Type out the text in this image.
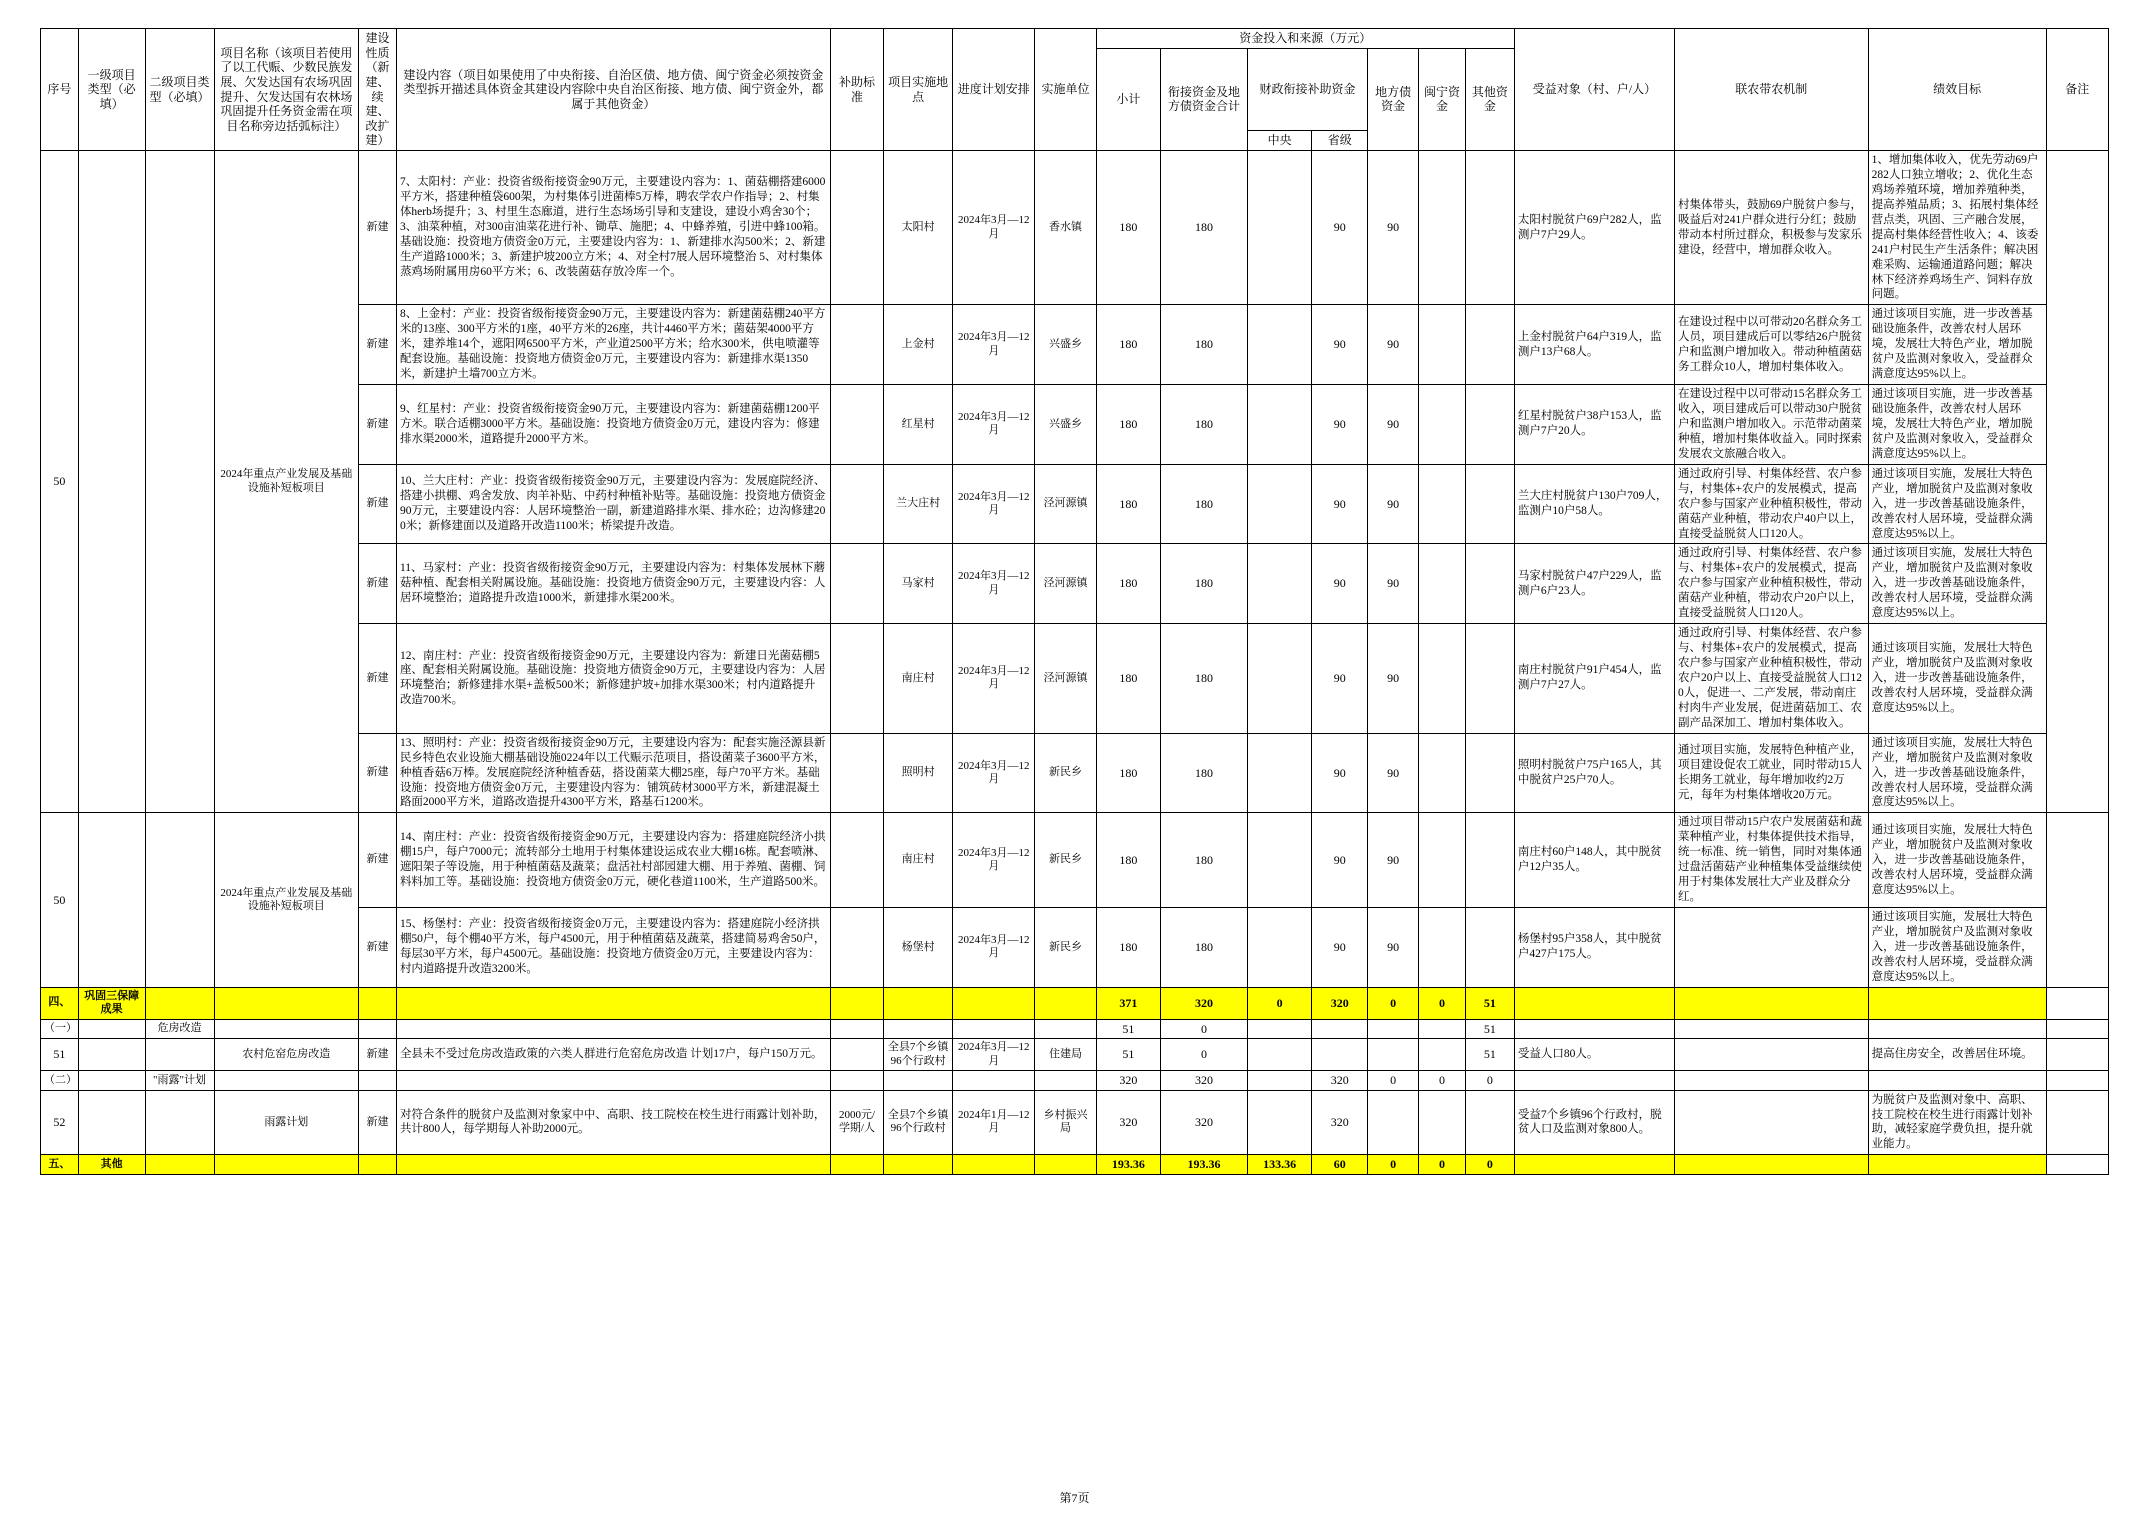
序号	一级项目类型（必填）	二级项目类型（必填）	项目名称（该项目若使用了以工代赈、少数民族发展、欠发达国有农场巩固提升、欠发达国有农林场巩固提升任务资金需在项目名称旁边括弧标注）	建设性质（新建、续建、改扩建）	建设内容（项目如果使用了中央衔接、自治区债、地方债、闽宁资金必须按资金类型拆开描述具体资金其建设内容除中央自治区衔接、地方债、闽宁资金外，都属于其他资金）	补助标准	项目实施地点	进度计划安排	实施单位	资金投入和来源（万元）							受益对象（村、户/人）	联农带农机制	绩效目标	备注
										小计	衔接资金及地方债资金合计	财政衔接补助资金		地方债资金	闽宁资金	其他资金				
												中央	省级							
50			2024年重点产业发展及基础设施补短板项目	新建	7、太阳村：产业：投资省级衔接资金90万元，主要建设内容为：1、菌菇棚搭建6000平方米，搭建种植袋600架，为村集体引进菌棒5万棒，聘农学农户作指导；2、村集体herb场提升；3、村里生态廊道，进行生态场场引导和支建设，建设小鸡舍30个；3、油菜种植，对300亩油菜花进行补、锄草、施肥；4、中蜂养殖，引进中蜂100箱。基础设施：投资地方债资金0万元，主要建设内容为：1、新建排水沟500米；2、新建生产道路1000米；3、新建护坡200立方米；4、对全村7展人居环境整治 5、对村集体蒸鸡场附属用房60平方米；6、改装菌菇存放冷库一个。		太阳村	2024年3月—12月	香水镇	180	180		90	90			太阳村脱贫户69户282人，监测户7户29人。	村集体带头，鼓励69户脱贫户参与，吸益后对241户群众进行分红；鼓励带动本村所过群众，积极参与发家乐建设，经营中，增加群众收入。	1、增加集体收入，优先劳动69户282人口独立增收；2、优化生态鸡场养殖环境，增加养殖种类，提高养殖品质；3、拓展村集体经营点类，巩固、三产融合发展，提高村集体经营性收入；4、该委241户村民生产生活条件；解决困难采购、运输通道路问题；解决林下经济养鸡场生产、饲料存放问题。	
				新建	8、上金村：产业：投资省级衔接资金90万元，主要建设内容为：新建菌菇棚240平方米的13座、300平方米的1座，40平方米的26座，共计4460平方米；菌菇架4000平方米，建养堆14个，遮阳网6500平方米，产业道2500平方米；给水300米，供电喷灌等配套设施。基础设施：投资地方债资金0万元，主要建设内容为：新建排水渠1350米，新建护土墙700立方米。		上金村	2024年3月—12月	兴盛乡	180	180		90	90			上金村脱贫户64户319人，监测户13户68人。	在建设过程中以可带动20名群众务工人员，项目建成后可以零结26户脱贫户和监测户增加收入。带动种植菌菇务工群众10人，增加村集体收入。	通过该项目实施，进一步改善基础设施条件，改善农村人居环境，发展壮大特色产业，增加脱贫户及监测对象收入，受益群众满意度达95%以上。	
				新建	9、红星村：产业：投资省级衔接资金90万元，主要建设内容为：新建菌菇棚1200平方米。联合适棚3000平方米。基础设施：投资地方债资金0万元，建设内容为：修建排水渠2000米，道路提升2000平方米。		红星村	2024年3月—12月	兴盛乡	180	180		90	90			红星村脱贫户38户153人，监测户7户20人。	在建设过程中以可带动15名群众务工收入，项目建成后可以带动30户脱贫户和监测户增加收入。示范带动菌菜种植，增加村集体收益入。同时探索发展农文旅融合收入。	通过该项目实施，进一步改善基础设施条件，改善农村人居环境，发展壮大特色产业，增加脱贫户及监测对象收入，受益群众满意度达95%以上。	
				新建	10、兰大庄村：产业：投资省级衔接资金90万元，主要建设内容为：发展庭院经济、搭建小拱棚、鸡舍发放、肉羊补贴、中药村种植补贴等。基础设施：投资地方债资金90万元，主要建设内容：人居环境整治一副，新建道路排水渠、排水砼；边沟修建200米；新修建面以及道路开改造1100米；桥梁提升改造。		兰大庄村	2024年3月—12月	泾河源镇	180	180		90	90			兰大庄村脱贫户130户709人，监测户10户58人。	通过政府引导、村集体经营、农户参与，村集体+农户的发展模式，提高农户参与国家产业种植积极性，带动菌菇产业种植，带动农户40户以上，直接受益脱贫人口120人。	通过该项目实施，发展壮大特色产业，增加脱贫户及监测对象收入，进一步改善基础设施条件，改善农村人居环境，受益群众满意度达95%以上。	
				新建	11、马家村：产业：投资省级衔接资金90万元，主要建设内容为：村集体发展林下蘑菇种植、配套相关附属设施。基础设施：投资地方债资金90万元，主要建设内容：人居环境整治；道路提升改造1000米，新建排水渠200米。		马家村	2024年3月—12月	泾河源镇	180	180		90	90			马家村脱贫户47户229人，监测户6户23人。	通过政府引导、村集体经营、农户参与、村集体+农户的发展模式，提高农户参与国家产业种植积极性，带动菌菇产业种植，带动农户20户以上，直接受益脱贫人口120人。	通过该项目实施，发展壮大特色产业，增加脱贫户及监测对象收入，进一步改善基础设施条件，改善农村人居环境，受益群众满意度达95%以上。	
				新建	12、南庄村：产业：投资省级衔接资金90万元，主要建设内容为：新建日光菌菇棚5座、配套相关附属设施。基础设施：投资地方债资金90万元，主要建设内容为：人居环境整治；新修建排水渠+盖板500米；新修建护坡+加排水渠300米；村内道路提升改造700米。		南庄村	2024年3月—12月	泾河源镇	180	180		90	90			南庄村脱贫户91户454人，监测户7户27人。	通过政府引导、村集体经营、农户参与、村集体+农户的发展模式，提高农户参与国家产业种植积极性，带动农户20户以上、直接受益脱贫人口120人，促进一、二产发展，带动南庄村肉牛产业发展，促进菌菇加工、农副产品深加工、增加村集体收入。	通过该项目实施，发展壮大特色产业，增加脱贫户及监测对象收入，进一步改善基础设施条件，改善农村人居环境，受益群众满意度达95%以上。	
				新建	13、照明村：产业：投资省级衔接资金90万元，主要建设内容为：配套实施泾源县新民乡特色农业设施大棚基础设施0224年以工代赈示范项目，搭设菌菜子3600平方米，种植香菇6万棒。发展庭院经济种植香菇，搭设菌菜大棚25座，每户70平方米。基础设施：投资地方债资金0万元，主要建设内容为：铺筑砖材3000平方米，新建混凝土路面2000平方米，道路改造提升4300平方米，路基石1200米。		照明村	2024年3月—12月	新民乡	180	180		90	90			照明村脱贫户75户165人，其中脱贫户25户70人。	通过项目实施，发展特色种植产业，项目建设促农工就业，同时带动15人长期务工就业，每年增加收约2万元，每年为村集体增收20万元。	通过该项目实施，发展壮大特色产业，增加脱贫户及监测对象收入，进一步改善基础设施条件，改善农村人居环境，受益群众满意度达95%以上。	
50			2024年重点产业发展及基础设施补短板项目	新建	14、南庄村：产业：投资省级衔接资金90万元，主要建设内容为：搭建庭院经济小拱棚15户，每户7000元；流转部分土地用于村集体建设运成农业大棚16栋。配套喷淋、遮阳架子等设施，用于种植菌菇及蔬菜；盘活社村部园建大棚、用于养殖、菌棚、饲料料加工等。基础设施：投资地方债资金0万元，硬化巷道1100米，生产道路500米。		南庄村	2024年3月—12月	新民乡	180	180		90	90			南庄村60户148人，其中脱贫户12户35人。	通过项目带动15户农户发展菌菇和蔬菜种植产业，村集体提供技术指导，统一标准、统一销售，同时对集体通过盘活菌菇产业种植集体受益继续使用于村集体发展壮大产业及群众分红。	通过该项目实施，发展壮大特色产业，增加脱贫户及监测对象收入，进一步改善基础设施条件，改善农村人居环境，受益群众满意度达95%以上。	
				新建	15、杨堡村：产业：投资省级衔接资金0万元，主要建设内容为：搭建庭院小经济拱棚50户，每个棚40平方米，每户4500元，用于种植菌菇及蔬菜，搭建简易鸡舍50户，每层30平方米，每户4500元。基础设施：投资地方债资金0万元，主要建设内容为：村内道路提升改造3200米。		杨堡村	2024年3月—12月	新民乡	180	180		90	90			杨堡村95户358人，其中脱贫户427户175人。		通过该项目实施，发展壮大特色产业，增加脱贫户及监测对象收入，进一步改善基础设施条件，改善农村人居环境，受益群众满意度达95%以上。	
四、	巩固三保障成果									371	320	0	320	0	0	51				
（一）		危房改造								51	0					51				
51			农村危窑危房改造	新建	全县未不受过危房改造政策的六类人群进行危窑危房改造 计划17户，每户150万元。		全县7个乡镇96个行政村	2024年3月—12月	住建局	51	0					51	受益人口80人。		提高住房安全，改善居住环境。	
（二）		"雨露"计划								320	320		320	0	0	0				
52			雨露计划	新建	对符合条件的脱贫户及监测对象家中中、高职、技工院校在校生进行雨露计划补助，共计800人，每学期每人补助2000元。	2000元/学期/人	全县7个乡镇96个行政村	2024年1月—12月	乡村振兴局	320	320		320				受益7个乡镇96个行政村，脱贫人口及监测对象800人。		为脱贫户及监测对象中、高职、技工院校在校生进行雨露计划补助，减轻家庭学费负担，提升就业能力。	
五、	其他									193.36	193.36	133.36	60	0	0	0				
第7页
